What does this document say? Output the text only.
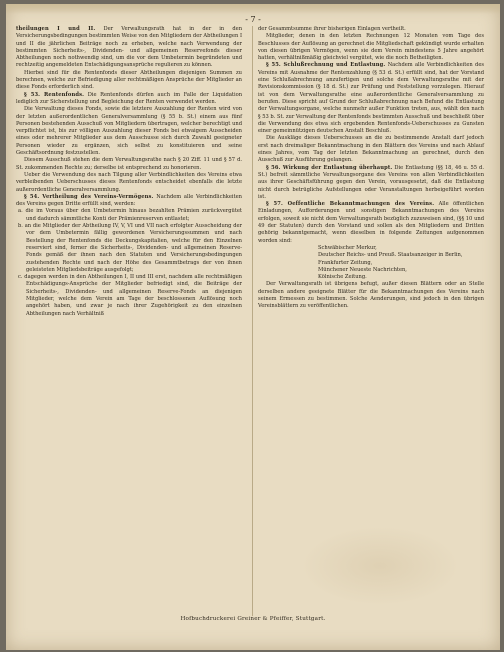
- 7 -

theilungen I und II. Der Verwaltungsrath hat in der in den Versicherungsbedingungen bestimmten Weise von den Mitgliedern der Abtheilungen I und II die jährlichen Beiträge noch zu erheben, welche nach Verwendung der bestimmten Sicherheits-, Dividenden- und allgemeinen Reservefonds dieser Abtheilungen noch nothwendig sind, um die vor dem Umbetermin begründeten und rechtzeitig angemeldeten Entschädigungsansprüche regulieren zu können.

Hierbei sind für die Rentenfonds dieser Abtheilungen diejenigen Summen zu berechnen, welche zur Befriedigung aller rechtmäßigen Ansprüche der Mitglieder an diese Fonds erforderlich sind.

§ 53. Rentenfonds. Die Rentenfonds dürfen auch im Falle der Liquidation lediglich zur Sicherstellung und Begleichung der Renten verwendet werden.

Die Verwaltung dieses Fonds, sowie die letztere Auszahlung der Renten wird von der letzten außerordentlichen Generalversammlung (§ 55 b. St.) einem aus fünf Personen bestehenden Ausschuß von Mitgliedern übertragen, welcher berechtigt und verpflichtet ist, bis zur völligen Auszahlung dieser Fonds bei etwaigem Ausscheiden eines oder mehrerer Mitglieder aus dem Ausschusse sich durch Zuwahl geeigneter Personen wieder zu ergänzen, sich selbst zu konstituieren und seine Geschäftsordnung festzustellen.

Diesem Ausschuß stehen die dem Verwaltungsrathe nach § 20 Ziff. 11 und § 57 d. St. zukommenden Rechte zu; derselbe ist entsprechend zu honorieren.

Ueber die Verwendung des nach Tilgung aller Verbindlichkeiten des Vereins etwa verbleibenden Ueberschusses dieses Rentenfonds entscheidet ebenfalls die letzte außerordentliche Generalversammlung.

§ 54. Vertheilung des Vereins-Vermögens. Nachdem alle Verbindlichkeiten des Vereins gegen Dritte erfüllt sind, werden:

a. die im Voraus über den Umbetermin hinaus bezahlten Prämien zurückvergütet und dadurch sämmtliche Konti der Prämienreserven entlastet;

b. an die Mitglieder der Abtheilung IV, V, VI und VII nach erfolgter Ausscheidung der vor dem Umbetermin fällig gewordenen Versicherungssummen und nach Bestellung der Rentenfonds die Deckungskapitalien, welche für den Einzelnen reserviert sind, ferner die Sicherheits-, Dividenden- und allgemeinen Reserve-Fonds gemäß der ihnen nach den Statuten und Versicherungsbedingungen zustehenden Rechte und nach der Höhe des Gesammtbetrags der von ihnen geleisteten Mitgliedsbeiträge ausgefolgt;

c. dagegen werden in den Abtheilungen I, II und III erst, nachdem alle rechtmäßigen Entschädigungs-Ansprüche der Mitglieder befriedigt sind, die Beiträge der Sicherheits-, Dividenden- und allgemeinen Reserve-Fonds an diejenigen Mitglieder, welche dem Verein am Tage der beschlossenen Auflösung noch angehört haben, und zwar je nach ihrer Zugehörigkeit zu den einzelnen Abtheilungen nach Verhältniß

der Gesammtsumme ihrer bisherigen Einlagen vertheilt.

Mitglieder, denen in den letzten Rechnungen 12 Monaten vom Tage des Beschlusses der Auflösung an gerechnet die Mitgliedschaft gekündigt wurde erhalten von diesen übrigen Vermögen, wenn sie dem Verein mindestens 5 Jahre angehört hatten, verhältnißmäßig gleichviel vergütet, wie die noch Betheiligten.

§ 55. Schlußrechnung und Entlastung. Nachdem alle Verbindlichkeiten des Vereins mit Ausnahme der Rentenzahlung (§ 53 d. St.) erfüllt sind, hat der Vorstand eine Schlußabrechnung anzufertigen und solche dem Verwaltungsrathe mit der Revisionskommission (§ 18 d. St.) zur Prüfung und Feststellung vorzulegen. Hierauf ist von dem Verwaltungsrathe eine außerordentliche Generalversammlung zu berufen. Diese spricht auf Grund der Schlußabrechnung nach Befund die Entlastung der Verwaltungsorgane, welche nunmehr außer Funktion treten, aus, wählt den nach § 53 b. St. zur Verwaltung der Rentenfonds bestimmten Ausschuß und beschließt über die Verwendung des etwa sich ergebenden Rentenfonds-Ueberschusses zu Gunsten einer gemeinnützigen deutschen Anstalt Beschluß.

Die Auskläge dieses Ueberschusses an die zu bestimmende Anstalt darf jedoch erst nach dreimaliger Bekanntmachung in den Blättern des Vereins und nach Ablauf eines Jahres, vom Tag der letzten Bekanntmachung an gerechnet, durch den Ausschuß zur Ausführung gelangen.

§ 56. Wirkung der Entlastung überhaupt. Die Entlastung (§§ 18, 46 u. 55 d. St.) befreit sämmtliche Verwaltungsorgane des Vereins von allen Verbindlichkeiten aus ihrer Geschäftsführung gegen den Verein, vorausgesetzt, daß die Entlastung nicht durch betrügliche Aufstellungen oder Veranstaltungen herbeigeführt worden ist.

§ 57. Oeffentliche Bekanntmachungen des Vereins. Alle öffentlichen Einladungen, Aufforderungen und sonstigen Bekanntmachungen des Vereins erfolgen, soweit sie nicht dem Verwaltungsrath bezüglich zuzuweisen sind, (§§ 10 und 49 der Statuten) durch den Vorstand und sollen als den Mitgliedern und Dritten gehörig bekanntgemacht, wenn dieselben in folgende Zeitungen aufgenommen worden sind:

Schwäbischer Merkur,

Deutscher Reichs- und Preuß. Staatsanzeiger in Berlin,

Frankfurter Zeitung,

Münchener Neueste Nachrichten,

Kölnische Zeitung.

Der Verwaltungsrath ist übrigens befugt, außer diesen Blättern oder an Stelle derselben andere geeignete Blätter für die Bekanntmachungen des Vereins nach seinem Ermessen zu bestimmen. Solche Aenderungen, sind jedoch in den übrigen Vereinsblättern zu veröffentlichen.

Hofbuchdruckerei Greiner & Pfeiffer, Stuttgart.
